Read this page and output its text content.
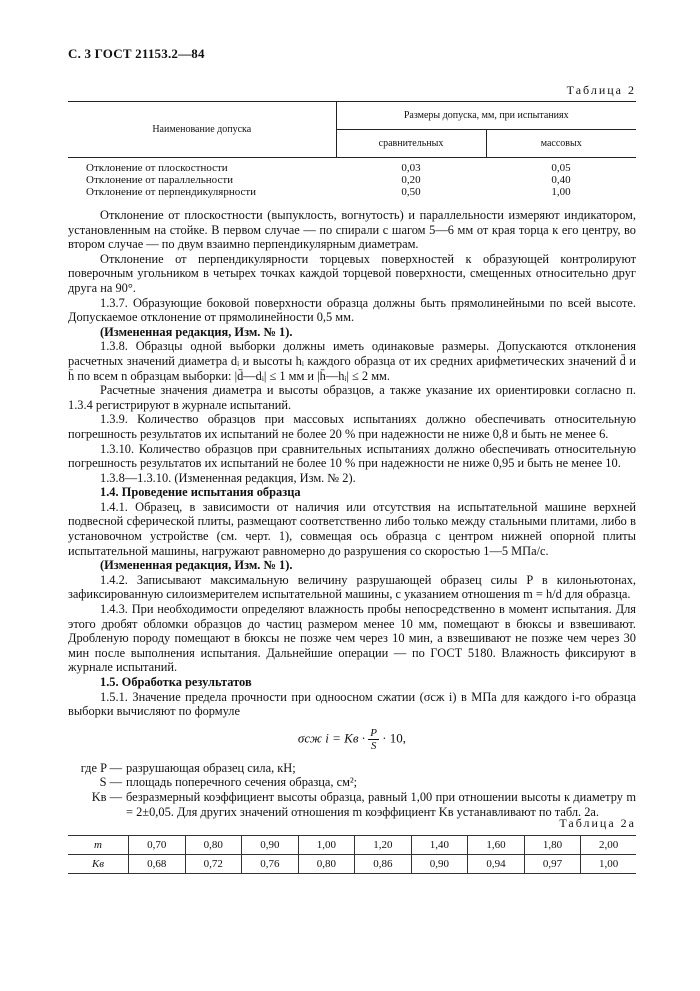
С. 3 ГОСТ 21153.2—84
Таблица 2
Наименование допуска	Размеры допуска, мм, при испытаниях	
	сравнительных	массовых

Отклонение от плоскостности	0,03	0,05
Отклонение от параллельности	0,20	0,40
Отклонение от перпендикулярности	0,50	1,00

Отклонение от плоскостности (выпуклость, вогнутость) и параллельности измеряют индикатором, установленным на стойке. В первом случае — по спирали с шагом 5—6 мм от края торца к его центру, во втором случае — по двум взаимно перпендикулярным диаметрам.

Отклонение от перпендикулярности торцевых поверхностей к образующей контролируют поверочным угольником в четырех точках каждой торцевой поверхности, смещенных относительно друг друга на 90°.

1.3.7. Образующие боковой поверхности образца должны быть прямолинейными по всей высоте. Допускаемое отклонение от прямолинейности 0,5 мм.

(Измененная редакция, Изм. № 1).

1.3.8. Образцы одной выборки должны иметь одинаковые размеры. Допускаются отклонения расчетных значений диаметра dᵢ и высоты hᵢ каждого образца от их средних арифметических значений d̄ и h̄ по всем n образцам выборки: |d̄—dᵢ| ≤ 1 мм и |h̄—hᵢ| ≤ 2 мм.

Расчетные значения диаметра и высоты образцов, а также указание их ориентировки согласно п. 1.3.4 регистрируют в журнале испытаний.

1.3.9. Количество образцов при массовых испытаниях должно обеспечивать относительную погрешность результатов их испытаний не более 20 % при надежности не ниже 0,8 и быть не менее 6.

1.3.10. Количество образцов при сравнительных испытаниях должно обеспечивать относительную погрешность результатов их испытаний не более 10 % при надежности не ниже 0,95 и быть не менее 10.

1.3.8—1.3.10. (Измененная редакция, Изм. № 2).

1.4. Проведение испытания образца

1.4.1. Образец, в зависимости от наличия или отсутствия на испытательной машине верхней подвесной сферической плиты, размещают соответственно либо только между стальными плитами, либо в установочном устройстве (см. черт. 1), совмещая ось образца с центром нижней опорной плиты испытательной машины, нагружают равномерно до разрушения со скоростью 1—5 МПа/с.

(Измененная редакция, Изм. № 1).

1.4.2. Записывают максимальную величину разрушающей образец силы P в килоньютонах, зафиксированную силоизмерителем испытательной машины, с указанием отношения m = h/d для образца.

1.4.3. При необходимости определяют влажность пробы непосредственно в момент испытания. Для этого дробят обломки образцов до частиц размером менее 10 мм, помещают в бюксы и взвешивают. Дробленую породу помещают в бюксы не позже чем через 10 мин, а взвешивают не позже чем через 30 мин после выполнения испытания. Дальнейшие операции — по ГОСТ 5180. Влажность фиксируют в журнале испытаний.

1.5. Обработка результатов

1.5.1. Значение предела прочности при одноосном сжатии (σсж i) в МПа для каждого i-го образца выборки вычисляют по формуле

σсж i = Kв · $\frac{P}{S} \cdot 10$,
где P — разрушающая образец сила, кН;
S — площадь поперечного сечения образца, см²;
Kв — безразмерный коэффициент высоты образца, равный 1,00 при отношении высоты к диаметру m = 2±0,05. Для других значений отношения m коэффициент Kв устанавливают по табл. 2а.
Таблица 2а
m	0,70	0,80	0,90	1,00	1,20	1,40	1,60	1,80	2,00
Kв	0,68	0,72	0,76	0,80	0,86	0,90	0,94	0,97	1,00
